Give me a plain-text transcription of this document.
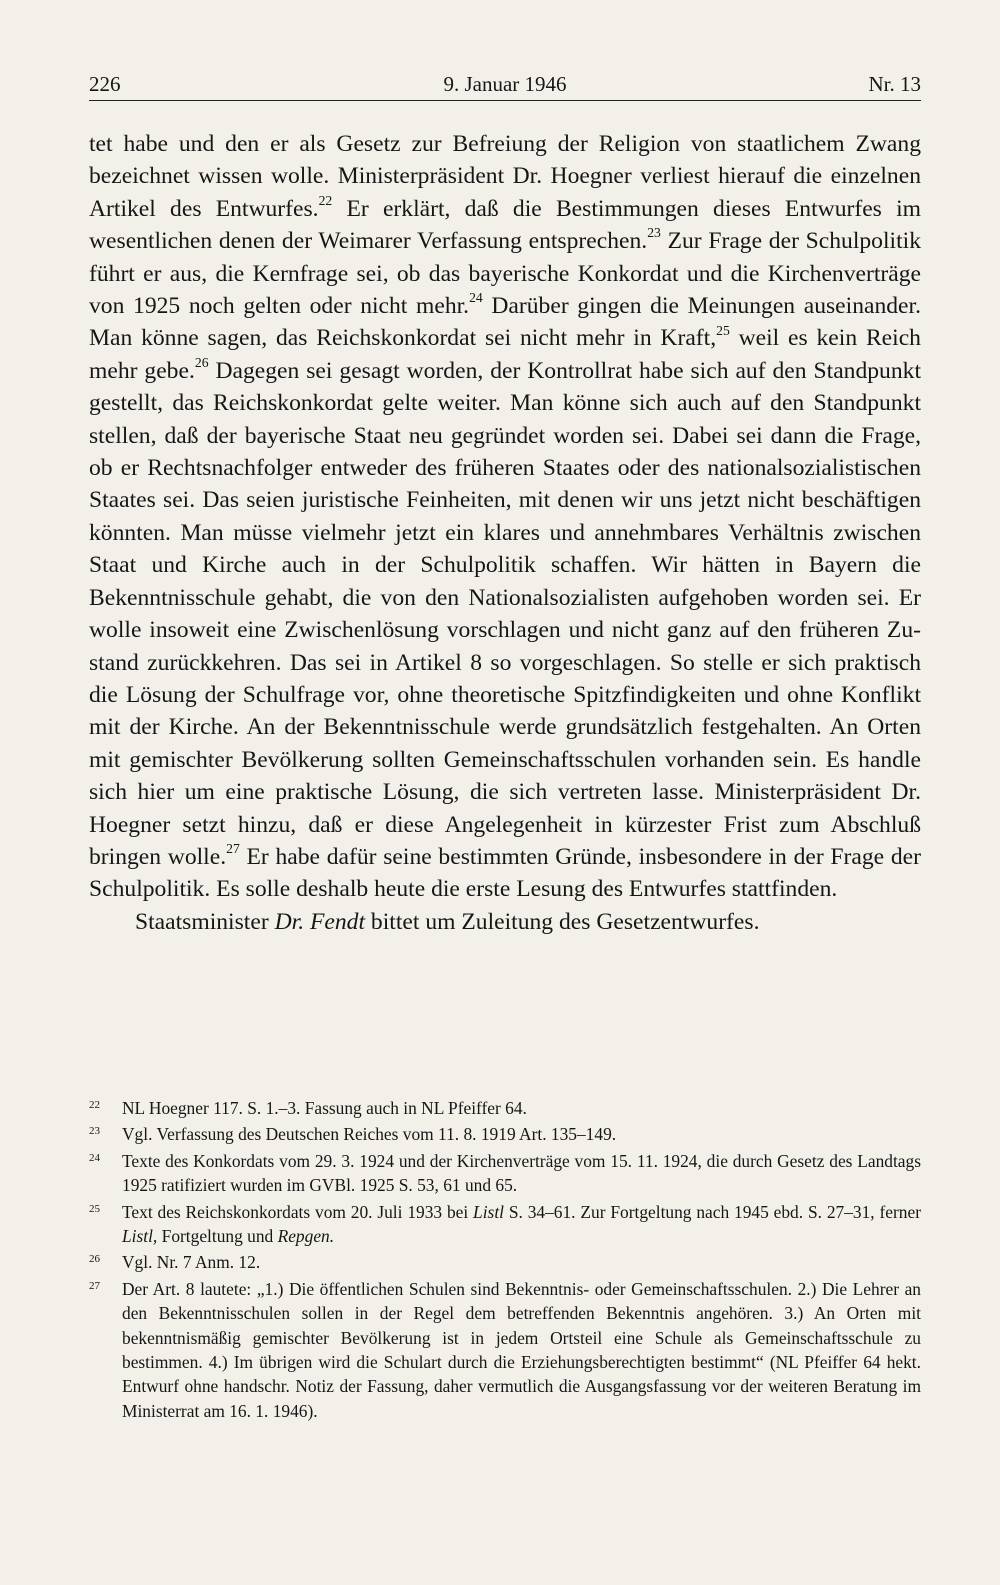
226	9. Januar 1946	Nr. 13

tet habe und den er als Gesetz zur Befreiung der Religion von staatlichem Zwang bezeichnet wissen wolle. Ministerpräsident Dr. Hoegner verliest hierauf die einzelnen Artikel des Entwurfes.$^{22}$ Er erklärt, daß die Bestimmungen dieses Entwurfes im wesentlichen denen der Weimarer Verfassung entsprechen.$^{23}$ Zur Frage der Schulpolitik führt er aus, die Kernfrage sei, ob das bayerische Konkordat und die Kirchenverträge von 1925 noch gelten oder nicht mehr.$^{24}$ Darüber gingen die Meinungen auseinander. Man könne sagen, das Reichskonkordat sei nicht mehr in Kraft,$^{25}$ weil es kein Reich mehr gebe.$^{26}$ Dagegen sei gesagt worden, der Kontrollrat habe sich auf den Standpunkt gestellt, das Reichskonkordat gelte weiter. Man könne sich auch auf den Standpunkt stellen, daß der bayerische Staat neu gegründet worden sei. Dabei sei dann die Frage, ob er Rechtsnachfolger entweder des früheren Staates oder des nationalsozialistischen Staates sei. Das seien juristische Feinheiten, mit denen wir uns jetzt nicht beschäftigen könnten. Man müsse vielmehr jetzt ein klares und annehmbares Verhältnis zwischen Staat und Kirche auch in der Schulpolitik schaffen. Wir hätten in Bayern die Bekenntnisschule gehabt, die von den Nationalsozialisten aufgehoben worden sei. Er wolle insoweit eine Zwischenlösung vorschlagen und nicht ganz auf den früheren Zustand zurückkehren. Das sei in Artikel 8 so vorgeschlagen. So stelle er sich praktisch die Lösung der Schulfrage vor, ohne theoretische Spitzfindigkeiten und ohne Konflikt mit der Kirche. An der Bekenntnisschule werde grundsätzlich festgehalten. An Orten mit gemischter Bevölkerung sollten Gemeinschaftsschulen vorhanden sein. Es handle sich hier um eine praktische Lösung, die sich vertreten lasse. Ministerpräsident Dr. Hoegner setzt hinzu, daß er diese Angelegenheit in kürzester Frist zum Abschluß bringen wolle.$^{27}$ Er habe dafür seine bestimmten Gründe, insbesondere in der Frage der Schulpolitik. Es solle deshalb heute die erste Lesung des Entwurfes stattfinden.

Staatsminister Dr. Fendt bittet um Zuleitung des Gesetzentwurfes.

22 NL Hoegner 117. S. 1.–3. Fassung auch in NL Pfeiffer 64.
23 Vgl. Verfassung des Deutschen Reiches vom 11. 8. 1919 Art. 135–149.
24 Texte des Konkordats vom 29. 3. 1924 und der Kirchenverträge vom 15. 11. 1924, die durch Gesetz des Landtags 1925 ratifiziert wurden im GVBl. 1925 S. 53, 61 und 65.
25 Text des Reichskonkordats vom 20. Juli 1933 bei Listl S. 34–61. Zur Fortgeltung nach 1945 ebd. S. 27–31, ferner Listl, Fortgeltung und Repgen.
26 Vgl. Nr. 7 Anm. 12.
27 Der Art. 8 lautete: „1.) Die öffentlichen Schulen sind Bekenntnis- oder Gemeinschaftsschulen. 2.) Die Lehrer an den Bekenntnisschulen sollen in der Regel dem betreffenden Bekenntnis angehören. 3.) An Orten mit bekenntnismäßig gemischter Bevölkerung ist in jedem Ortsteil eine Schule als Gemeinschaftsschule zu bestimmen. 4.) Im übrigen wird die Schulart durch die Erziehungsberechtigten bestimmt“ (NL Pfeiffer 64 hekt. Entwurf ohne handschr. Notiz der Fassung, daher vermutlich die Ausgangsfassung vor der weiteren Beratung im Ministerrat am 16. 1. 1946).
